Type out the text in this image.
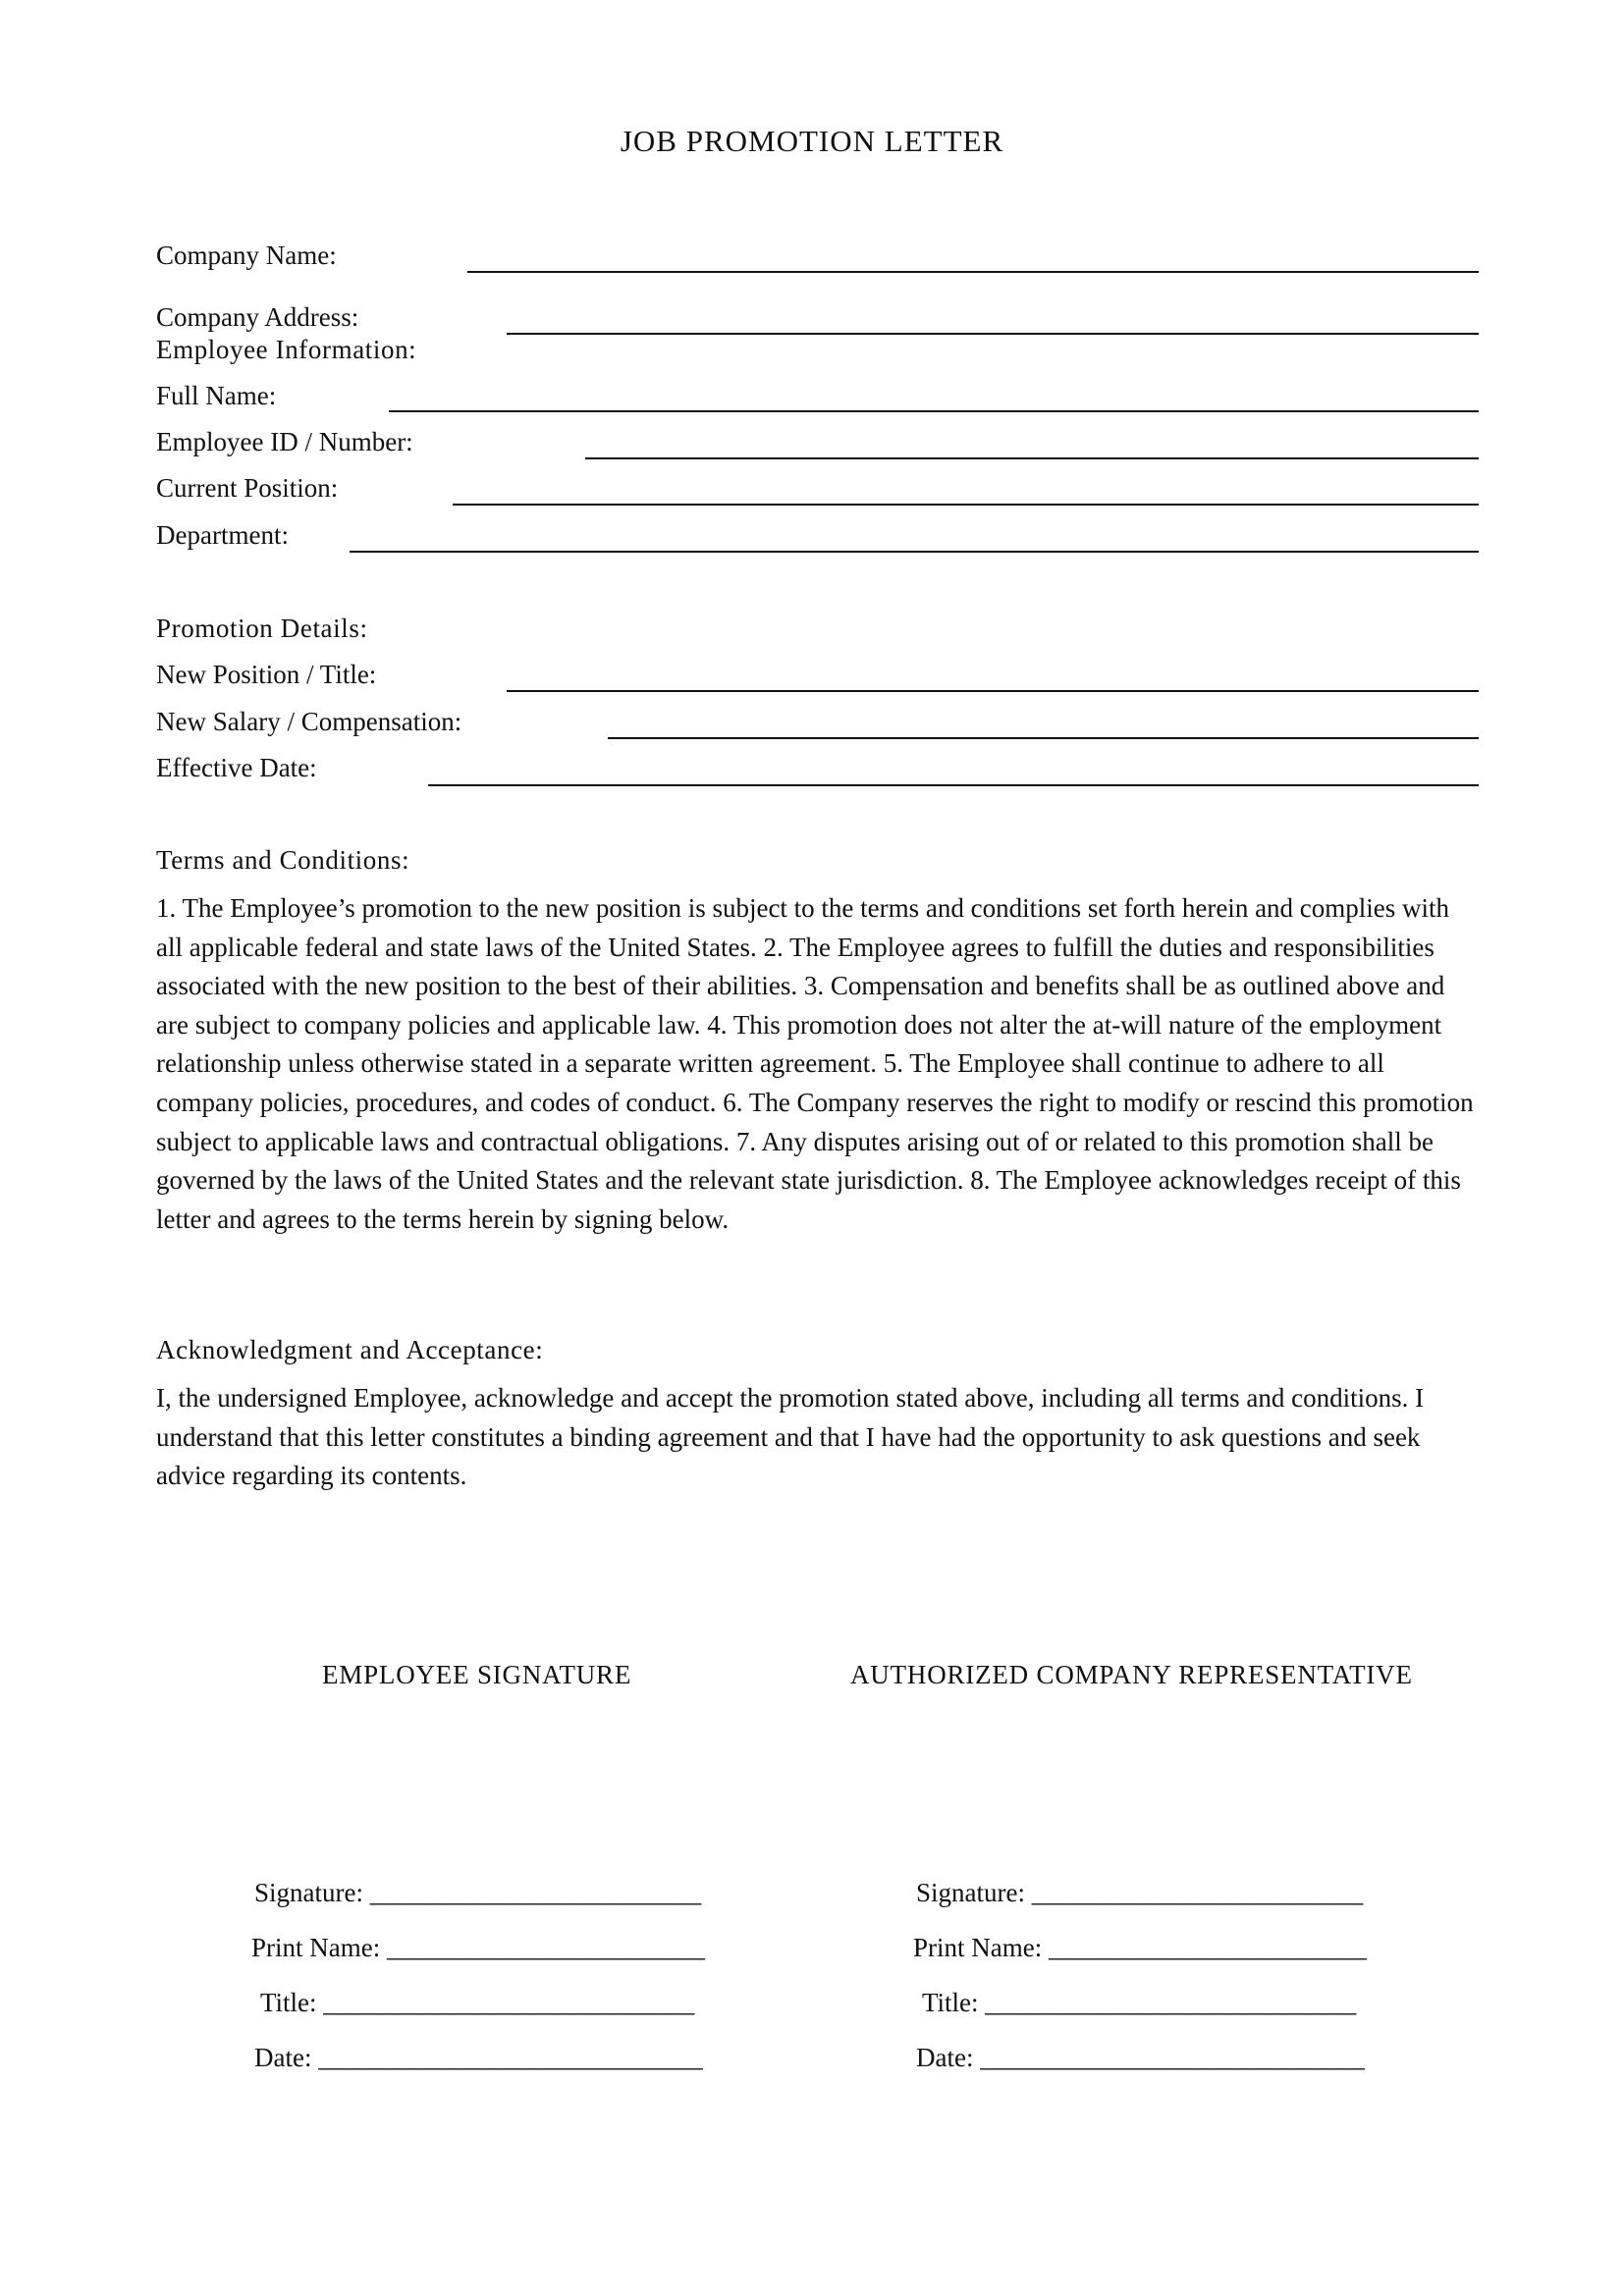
JOB PROMOTION LETTER
Company Name:
Company Address:
Employee Information:
Full Name:
Employee ID / Number:
Current Position:
Department:
Promotion Details:
New Position / Title:
New Salary / Compensation:
Effective Date:
Terms and Conditions:

1. The Employee’s promotion to the new position is subject to the terms and conditions set forth herein and complies with all applicable federal and state laws of the United States. 2. The Employee agrees to fulfill the duties and responsibilities associated with the new position to the best of their abilities. 3. Compensation and benefits shall be as outlined above and are subject to company policies and applicable law. 4. This promotion does not alter the at-will nature of the employment relationship unless otherwise stated in a separate written agreement. 5. The Employee shall continue to adhere to all company policies, procedures, and codes of conduct. 6. The Company reserves the right to modify or rescind this promotion subject to applicable laws and contractual obligations. 7. Any disputes arising out of or related to this promotion shall be governed by the laws of the United States and the relevant state jurisdiction. 8. The Employee acknowledges receipt of this letter and agrees to the terms herein by signing below.

Acknowledgment and Acceptance:

I, the undersigned Employee, acknowledge and accept the promotion stated above, including all terms and conditions. I understand that this letter constitutes a binding agreement and that I have had the opportunity to ask questions and seek advice regarding its contents.

EMPLOYEE SIGNATURE	AUTHORIZED COMPANY REPRESENTATIVE
Signature: _________________________
Print Name: ________________________
Title: ____________________________
Date: _____________________________
Signature: _________________________
Print Name: ________________________
Title: ____________________________
Date: _____________________________
